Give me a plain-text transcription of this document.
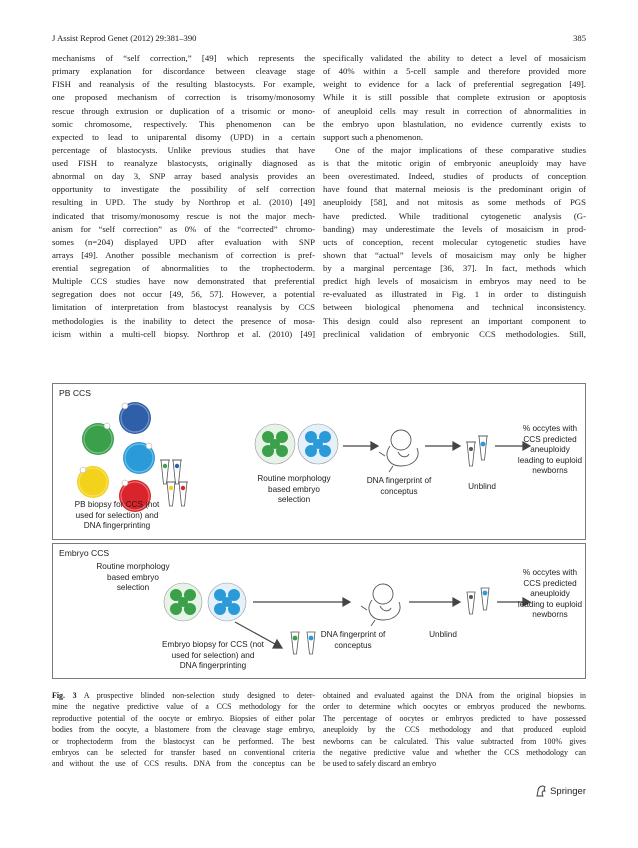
J Assist Reprod Genet (2012) 29:381–390	385
mechanisms of “self correction,” [49] which represents the
primary explanation for discordance between cleavage stage
FISH and reanalysis of the resulting blastocysts. For example,
one proposed mechanism of correction is trisomy/monosomy
rescue through extrusion or duplication of a trisomic or mono-
somic chromosome, respectively. This phenomenon can be
expected to lead to uniparental disomy (UPD) in a certain
percentage of blastocysts. Unlike previous studies that have
used FISH to reanalyze blastocysts, originally diagnosed as
abnormal on day 3, SNP array based analysis provides an
opportunity to investigate the possibility of self correction
resulting in UPD. The study by Northrop et al. (2010) [49]
indicated that trisomy/monosomy rescue is not the major mech-
anism for “self correction” as 0% of the “corrected” chromo-
somes (n=204) displayed UPD after evaluation with SNP
arrays [49]. Another possible mechanism of correction is pref-
erential segregation of abnormalities to the trophectoderm.
Multiple CCS studies have now demonstrated that preferential
segregation does not occur [49, 56, 57]. However, a potential
limitation of interpretation from blastocyst reanalysis by CCS
methodologies is the inability to detect the presence of mosa-
icism within a multi-cell biopsy. Northrop et al. (2010) [49]
specifically validated the ability to detect a level of mosaicism
of 40% within a 5-cell sample and therefore provided more
weight to evidence for a lack of preferential segregation [49].
While it is still possible that complete extrusion or apoptosis
of aneuploid cells may result in correction of abnormalities in
the embryo upon blastulation, no evidence currently exists to
support such a phenomenon.
One of the major implications of these comparative studies
is that the mitotic origin of embryonic aneuploidy may have
been overestimated. Indeed, studies of products of conception
have found that maternal meiosis is the predominant origin of
aneuploidy [58], and not mitosis as some methods of PGS
have predicted. While traditional cytogenetic analysis (G-
banding) may underestimate the levels of mosaicism in prod-
ucts of conception, recent molecular cytogenetic studies have
shown that “actual” levels of mosaicism may only be higher
by a marginal percentage [36, 37]. In fact, methods which
predict high levels of mosaicism in embryos may need to be
re-evaluated as illustrated in Fig. 1 in order to distinguish
between biological phenomena and technical inconsistency.
This design could also represent an important component to
preclinical validation of embryonic CCS methodologies. Still,
PB CCS
PB biopsy for CCS (not
used for selection) and
DNA fingerprinting
Routine morphology
based embryo
selection
DNA fingerprint of
conceptus	Unblind
% occytes with
CCS predicted
aneuploidy
leading to euploid
newborns
Embryo CCS
Routine morphology
based embryo
selection
Embryo biopsy for CCS (not
used for selection) and
DNA fingerprinting
DNA fingerprint of
conceptus
Unblind
% occytes with
CCS predicted
aneuploidy
leading to euploid
newborns
Fig. 3 A prospective blinded non-selection study designed to deter-
mine the negative predictive value of a CCS methodology for the
reproductive potential of the oocyte or embryo. Biopsies of either polar
bodies from the oocyte, a blastomere from the cleavage stage embryo,
or trophectoderm from the blastocyst can be performed. The best
embryos can be selected for transfer based on conventional criteria
and without the use of CCS results. DNA from the conceptus can be
obtained and evaluated against the DNA from the original biopsies in
order to determine which oocytes or embryos produced the newborns.
The percentage of oocytes or embryos predicted to have possessed
aneuploidy by the CCS methodology and that produced euploid
newborns can be calculated. This value subtracted from 100% gives
the negative predictive value and whether the CCS methodology can
be used to safely discard an embryo
Springer
